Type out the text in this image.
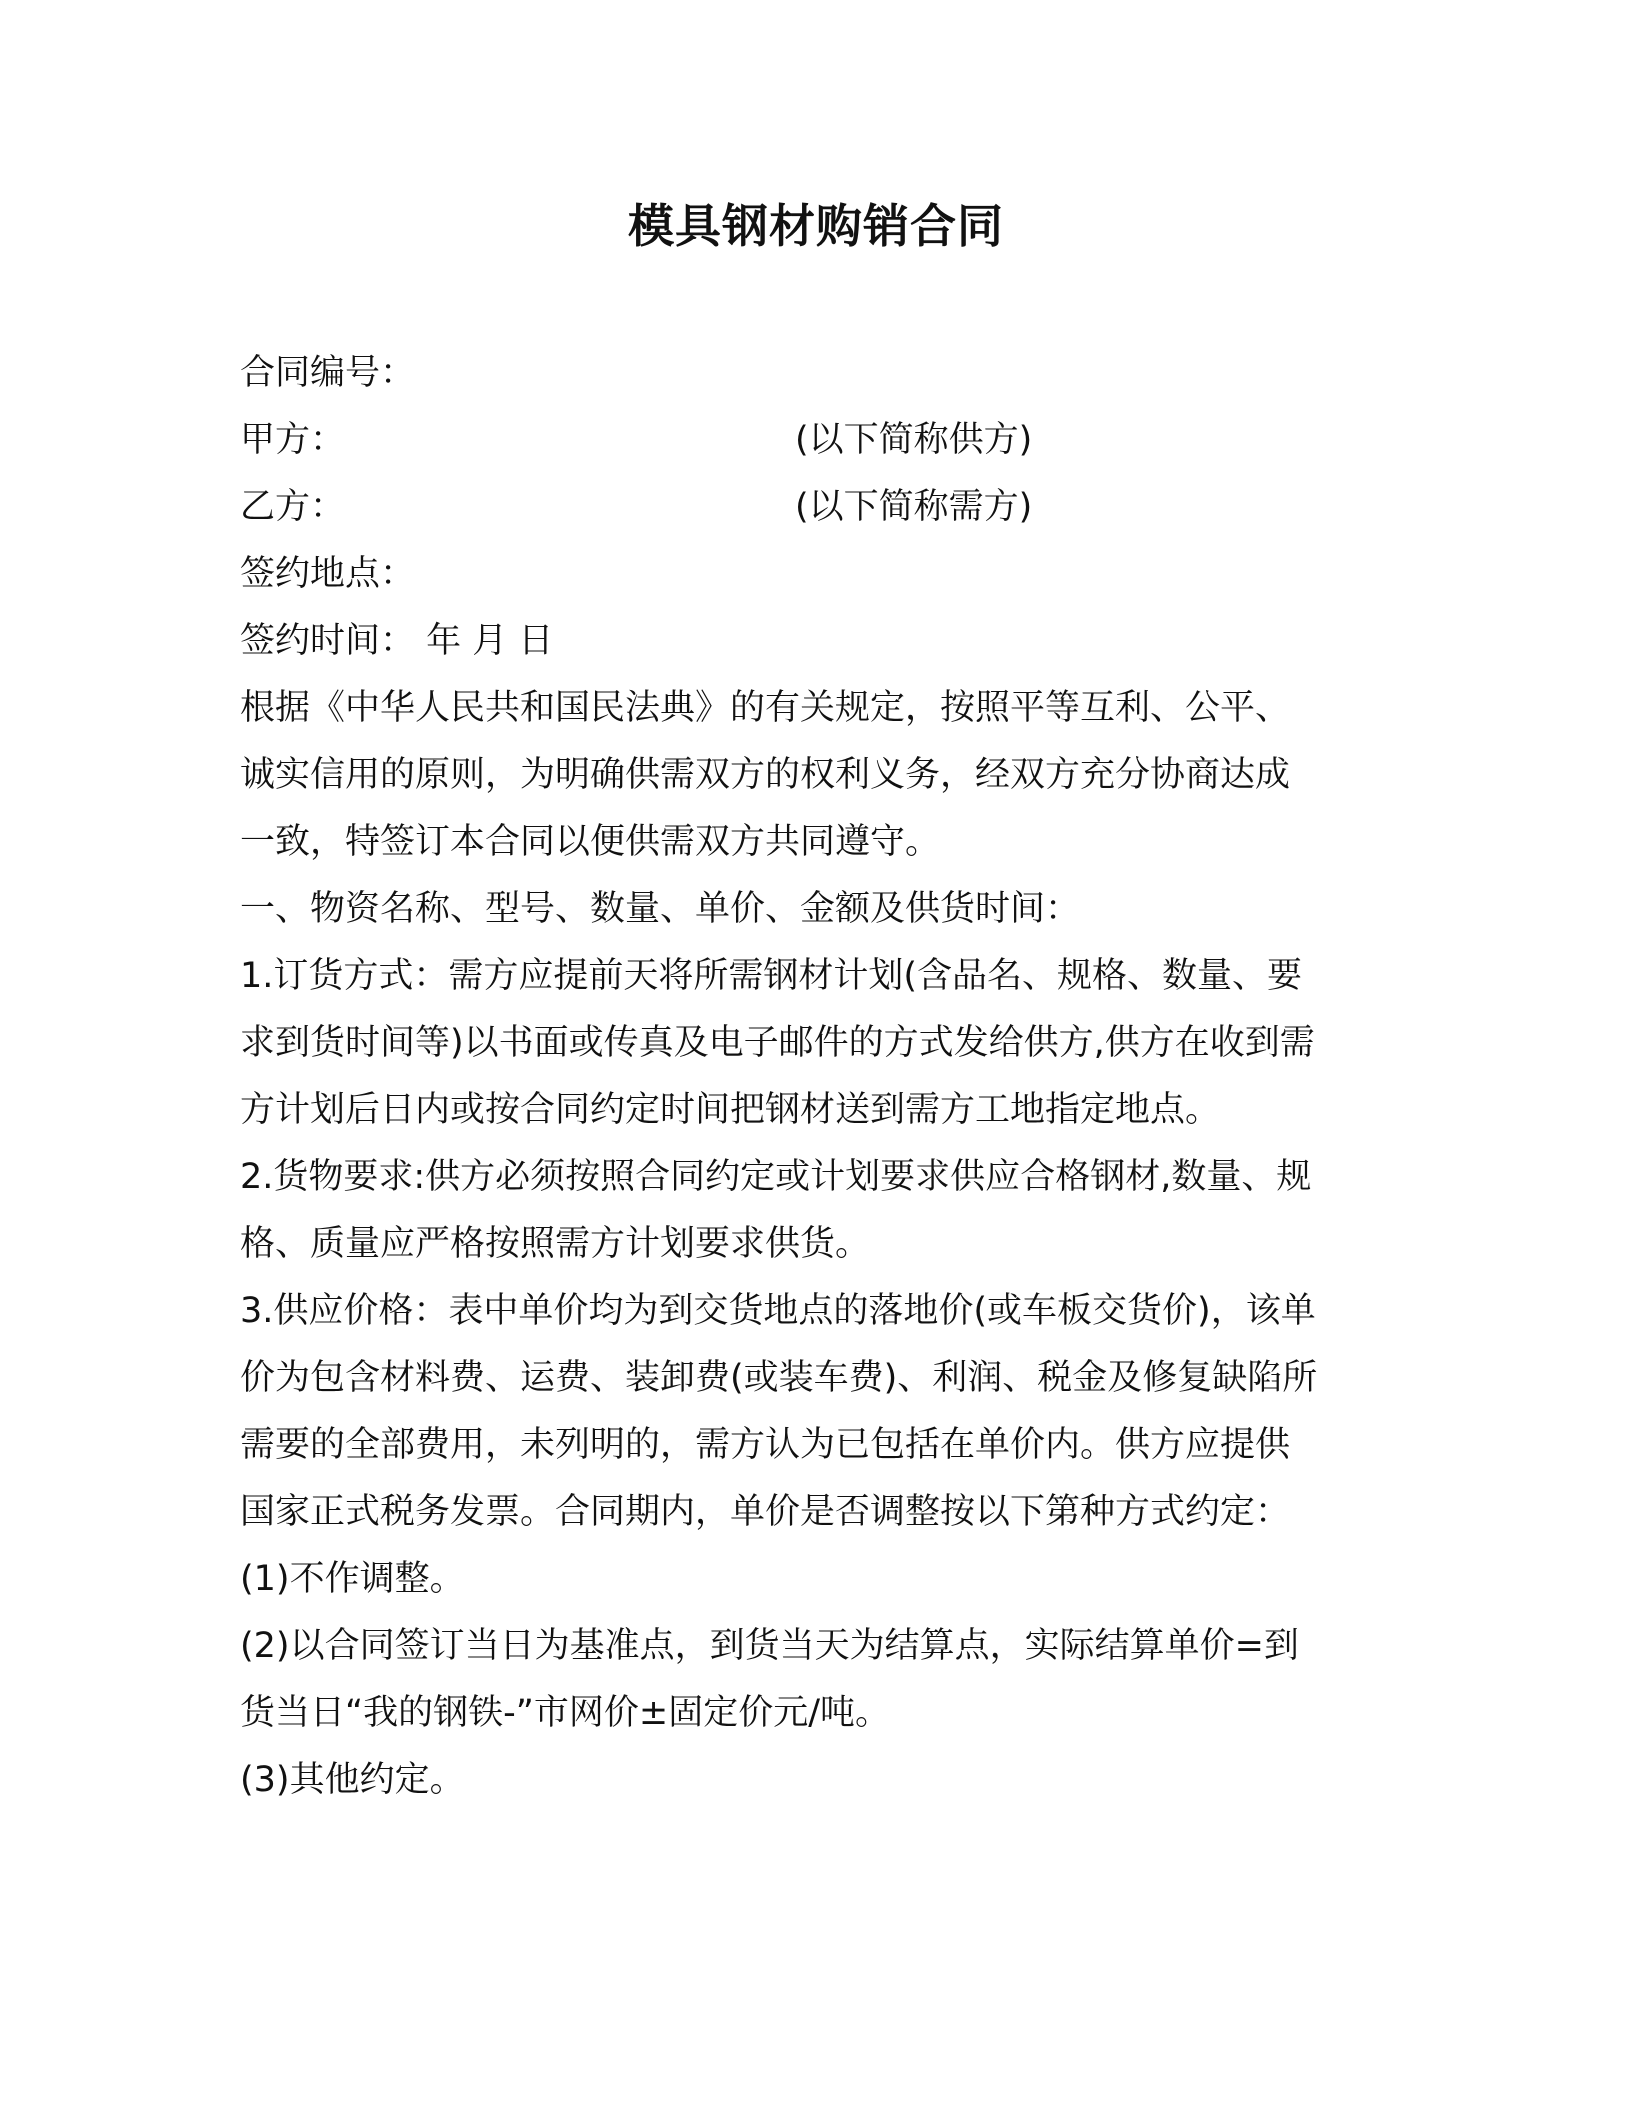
模具钢材购销合同
合同编号：
甲方：	(以下简称供方)
乙方：	(以下简称需方)
签约地点：
签约时间： 年 月 日
根据《中华人民共和国民法典》的有关规定，按照平等互利、公平、
诚实信用的原则，为明确供需双方的权利义务，经双方充分协商达成
一致，特签订本合同以便供需双方共同遵守。
一、物资名称、型号、数量、单价、金额及供货时间：
1.订货方式：需方应提前天将所需钢材计划(含品名、规格、数量、要
求到货时间等)以书面或传真及电子邮件的方式发给供方,供方在收到需
方计划后日内或按合同约定时间把钢材送到需方工地指定地点。
2.货物要求:供方必须按照合同约定或计划要求供应合格钢材,数量、规
格、质量应严格按照需方计划要求供货。
3.供应价格：表中单价均为到交货地点的落地价(或车板交货价)，该单
价为包含材料费、运费、装卸费(或装车费)、利润、税金及修复缺陷所
需要的全部费用，未列明的，需方认为已包括在单价内。供方应提供
国家正式税务发票。合同期内，单价是否调整按以下第种方式约定：
(1)不作调整。
(2)以合同签订当日为基准点，到货当天为结算点，实际结算单价=到
货当日“我的钢铁-”市网价±固定价元/吨。
(3)其他约定。
